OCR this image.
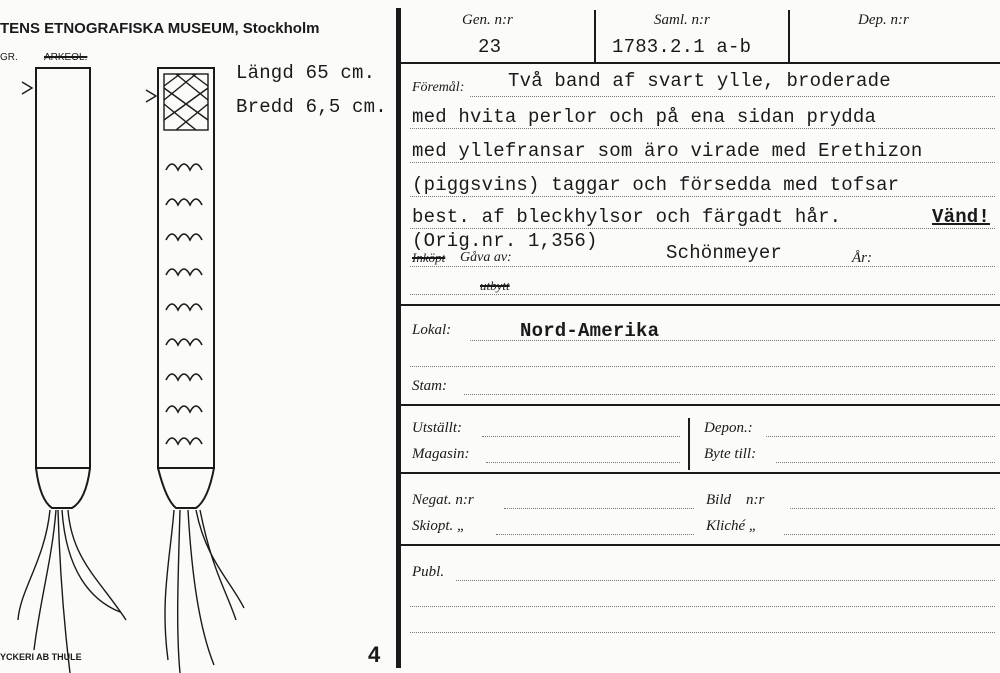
TENS ETNOGRAFISKA MUSEUM, Stockholm
GR.	ARKEOL.
YCKERI AB THULE
Längd 65 cm.
Bredd 6,5 cm.
4
Gen. n:r
23
Saml. n:r
1783.2.1 a-b
Dep. n:r
Föremål: Två band af svart ylle, broderade
med hvita perlor och på ena sidan prydda
med yllefransar som äro virade med Erethizon
(piggsvins) taggar och försedda med tofsar
best. af bleckhylsor och färgadt hår.	Vänd!
(Orig.nr. 1,356)
Inköpt Gåva av:	Schönmeyer	År:
utbytt
Lokal:	Nord-Amerika
Stam:
Utställt:
Magasin:
Depon.:
Byte till:
Negat. n:r
Skiopt. „
Bild    n:r
Kliché „
Publ.
